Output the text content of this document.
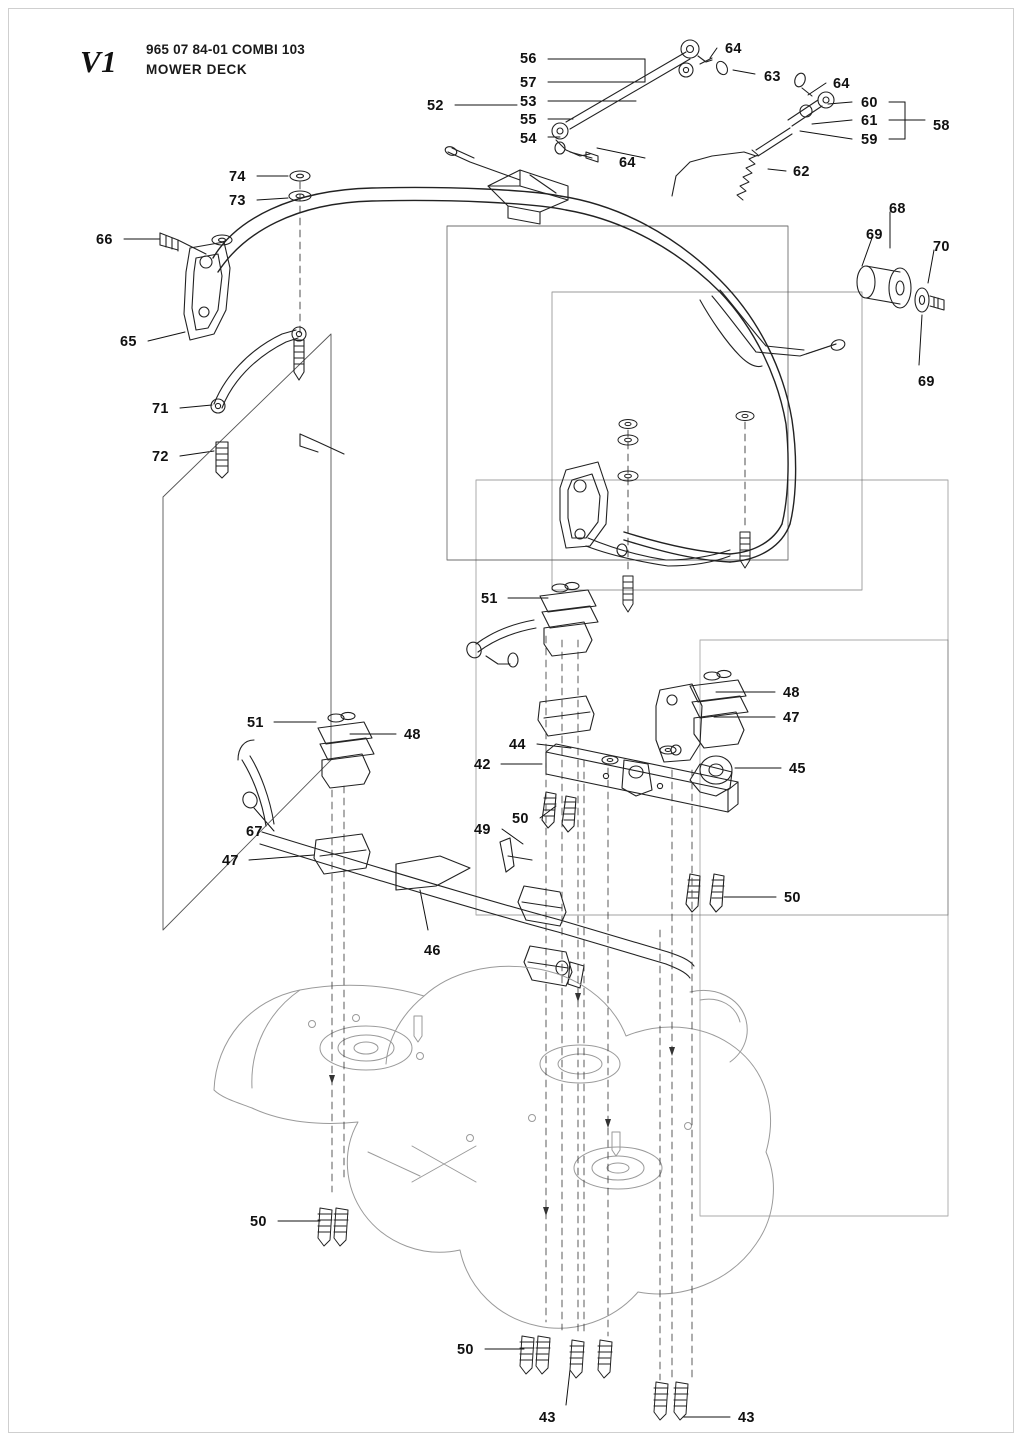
V1 965 07 84-01 COMBI 103
MOWER DECK
56
64
57	63	64
52	53	60
55	61	58
54	59
64
62
74
73	68
69
66	70
65
69
71
72
51
48
47
51
48
44
42	45
67
50
49
47
50
46
50
50
43	43
